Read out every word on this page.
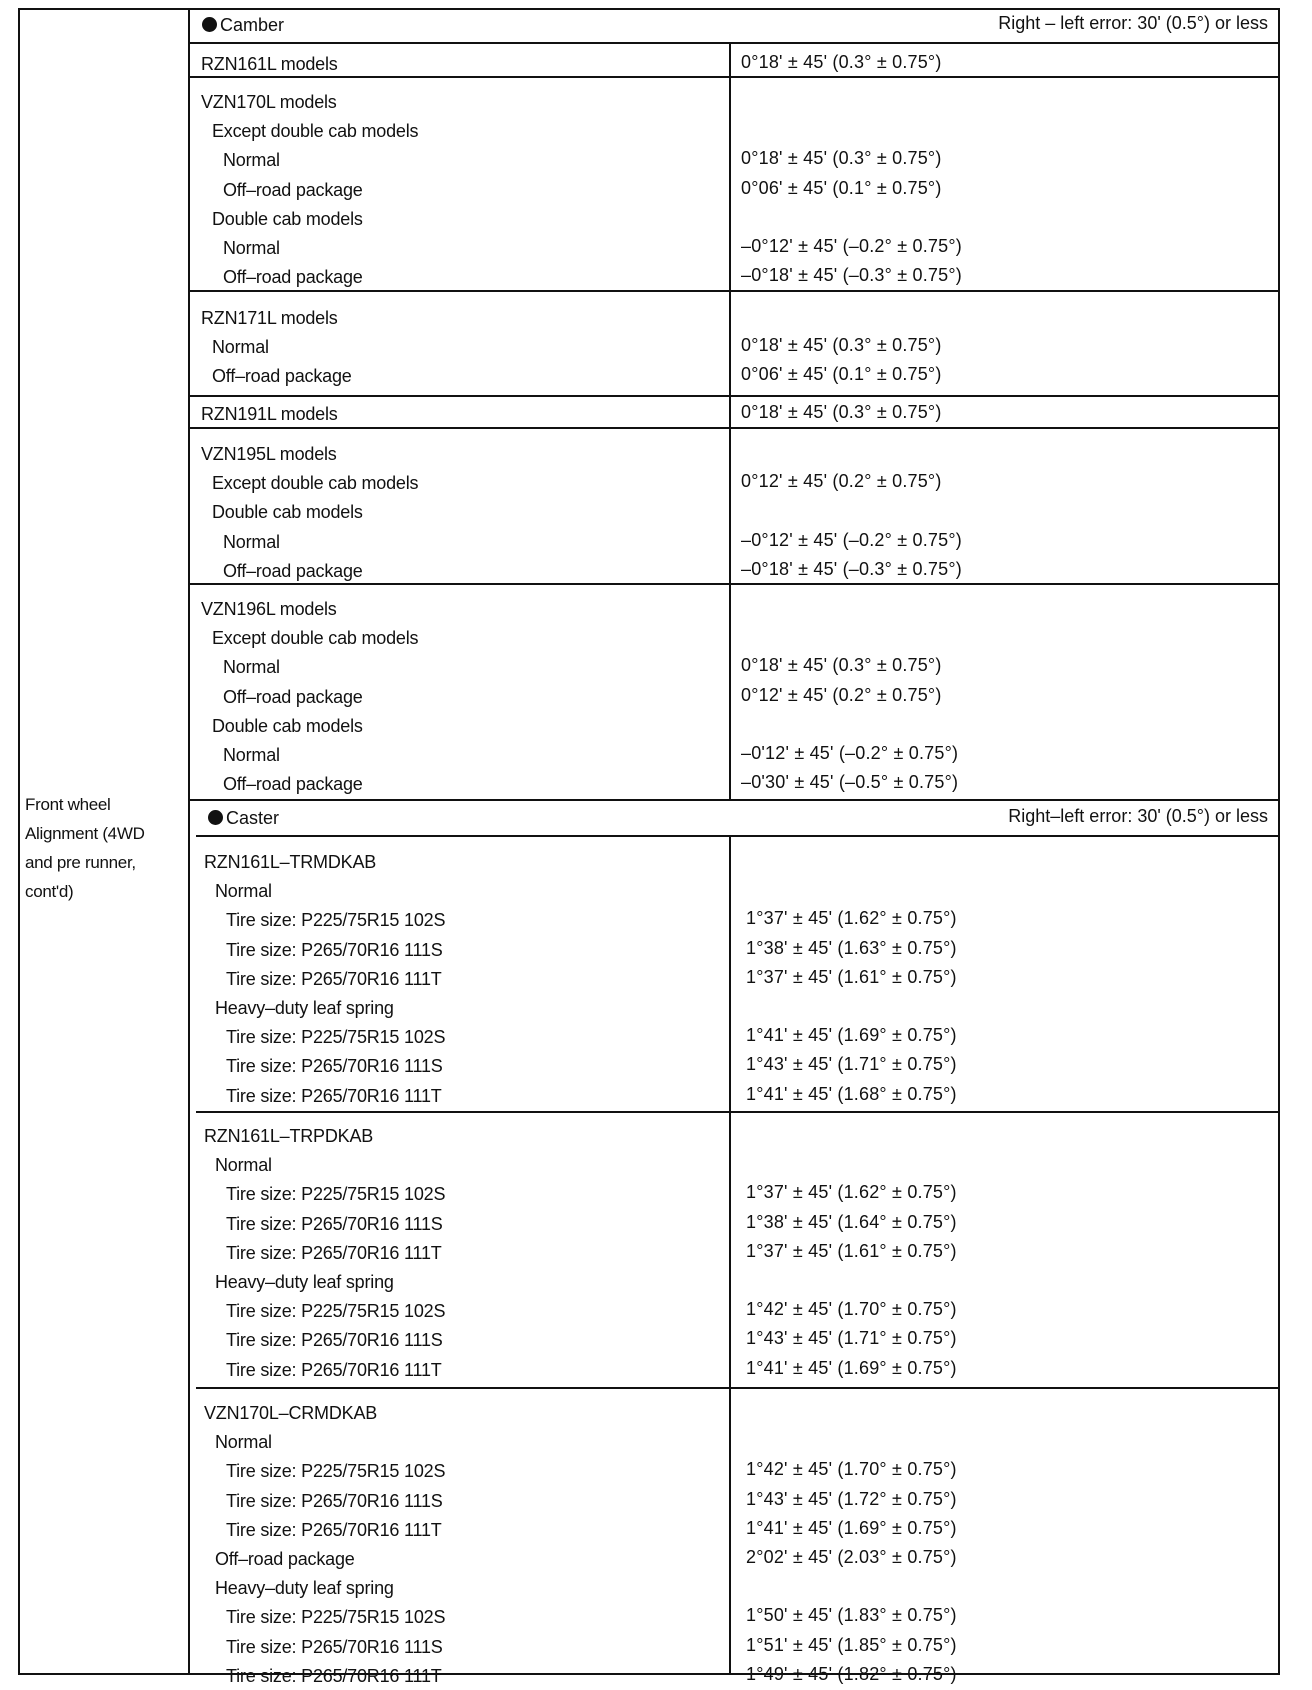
Front wheel
Alignment (4WD
and pre runner,
cont'd)
Camber	Right – left error: 30' (0.5°) or less
RZN161L models	0°18' ± 45' (0.3° ± 0.75°)
VZN170L models
Except double cab models
Normal	0°18' ± 45' (0.3° ± 0.75°)
Off–road package	0°06' ± 45' (0.1° ± 0.75°)
Double cab models
Normal	–0°12' ± 45' (–0.2° ± 0.75°)
Off–road package	–0°18' ± 45' (–0.3° ± 0.75°)
RZN171L models
Normal	0°18' ± 45' (0.3° ± 0.75°)
Off–road package	0°06' ± 45' (0.1° ± 0.75°)
RZN191L models	0°18' ± 45' (0.3° ± 0.75°)
VZN195L models
Except double cab models	0°12' ± 45' (0.2° ± 0.75°)
Double cab models
Normal	–0°12' ± 45' (–0.2° ± 0.75°)
Off–road package	–0°18' ± 45' (–0.3° ± 0.75°)
VZN196L models
Except double cab models
Normal	0°18' ± 45' (0.3° ± 0.75°)
Off–road package	0°12' ± 45' (0.2° ± 0.75°)
Double cab models
Normal	–0'12' ± 45' (–0.2° ± 0.75°)
Off–road package	–0'30' ± 45' (–0.5° ± 0.75°)
Caster	Right–left error: 30' (0.5°) or less
RZN161L–TRMDKAB
Normal
Tire size: P225/75R15 102S	1°37' ± 45' (1.62° ± 0.75°)
Tire size: P265/70R16 111S	1°38' ± 45' (1.63° ± 0.75°)
Tire size: P265/70R16 111T	1°37' ± 45' (1.61° ± 0.75°)
Heavy–duty leaf spring
Tire size: P225/75R15 102S	1°41' ± 45' (1.69° ± 0.75°)
Tire size: P265/70R16 111S	1°43' ± 45' (1.71° ± 0.75°)
Tire size: P265/70R16 111T	1°41' ± 45' (1.68° ± 0.75°)
RZN161L–TRPDKAB
Normal
Tire size: P225/75R15 102S	1°37' ± 45' (1.62° ± 0.75°)
Tire size: P265/70R16 111S	1°38' ± 45' (1.64° ± 0.75°)
Tire size: P265/70R16 111T	1°37' ± 45' (1.61° ± 0.75°)
Heavy–duty leaf spring
Tire size: P225/75R15 102S	1°42' ± 45' (1.70° ± 0.75°)
Tire size: P265/70R16 111S	1°43' ± 45' (1.71° ± 0.75°)
Tire size: P265/70R16 111T	1°41' ± 45' (1.69° ± 0.75°)
VZN170L–CRMDKAB
Normal
Tire size: P225/75R15 102S	1°42' ± 45' (1.70° ± 0.75°)
Tire size: P265/70R16 111S	1°43' ± 45' (1.72° ± 0.75°)
Tire size: P265/70R16 111T	1°41' ± 45' (1.69° ± 0.75°)
Off–road package	2°02' ± 45' (2.03° ± 0.75°)
Heavy–duty leaf spring
Tire size: P225/75R15 102S	1°50' ± 45' (1.83° ± 0.75°)
Tire size: P265/70R16 111S	1°51' ± 45' (1.85° ± 0.75°)
Tire size: P265/70R16 111T	1°49' ± 45' (1.82° ± 0.75°)
